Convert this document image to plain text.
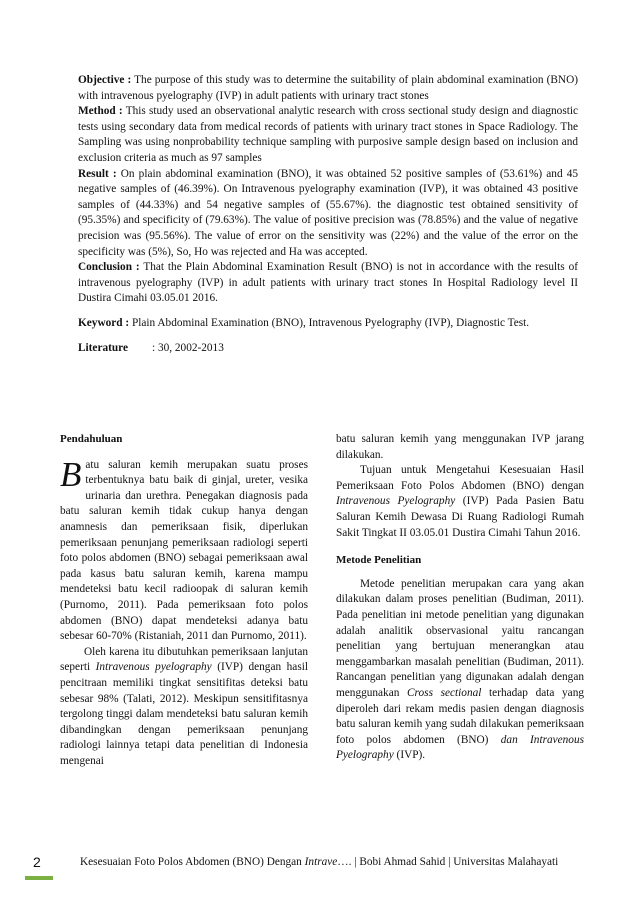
Objective : The purpose of this study was to determine the suitability of plain abdominal examination (BNO) with intravenous pyelography (IVP) in adult patients with urinary tract stones

Method : This study used an observational analytic research with cross sectional study design and diagnostic tests using secondary data from medical records of patients with urinary tract stones in Space Radiology. The Sampling was using nonprobability technique sampling with purposive sample design based on inclusion and exclusion criteria as much as 97 samples

Result : On plain abdominal examination (BNO), it was obtained 52 positive samples of (53.61%) and 45 negative samples of (46.39%). On Intravenous pyelography examination (IVP), it was obtained 43 positive samples of (44.33%) and 54 negative samples of (55.67%). the diagnostic test obtained sensitivity of (95.35%) and specificity of (79.63%). The value of positive precision was (78.85%) and the value of negative precision was (95.56%). The value of error on the sensitivity was (22%) and the value of the error on the specificity was (5%), So, Ho was rejected and Ha was accepted.

Conclusion : That the Plain Abdominal Examination Result (BNO) is not in accordance with the results of intravenous pyelography (IVP) in adult patients with urinary tract stones In Hospital Radiology level II Dustira Cimahi 03.05.01 2016.

Keyword : Plain Abdominal Examination (BNO), Intravenous Pyelography (IVP), Diagnostic Test.

Literature	: 30, 2002-2013

Pendahuluan

Batu saluran kemih merupakan suatu proses terbentuknya batu baik di ginjal, ureter, vesika urinaria dan urethra. Penegakan diagnosis pada batu saluran kemih tidak cukup hanya dengan anamnesis dan pemeriksaan fisik, diperlukan pemeriksaan penunjang pemeriksaan radiologi seperti foto polos abdomen (BNO) sebagai pemeriksaan awal pada kasus batu saluran kemih, karena mampu mendeteksi batu kecil radioopak di saluran kemih (Purnomo, 2011). Pada pemeriksaan foto polos abdomen (BNO) dapat mendeteksi adanya batu sebesar 60-70% (Ristaniah, 2011 dan Purnomo, 2011).

Oleh karena itu dibutuhkan pemeriksaan lanjutan seperti Intravenous pyelography (IVP) dengan hasil pencitraan memiliki tingkat sensitifitas deteksi batu sebesar 98% (Talati, 2012). Meskipun sensitifitasnya tergolong tinggi dalam mendeteksi batu saluran kemih dibandingkan dengan pemeriksaan penunjang radiologi lainnya tetapi data penelitian di Indonesia mengenai

batu saluran kemih yang menggunakan IVP jarang dilakukan.

Tujuan untuk Mengetahui Kesesuaian Hasil Pemeriksaan Foto Polos Abdomen (BNO) dengan Intravenous Pyelography (IVP) Pada Pasien Batu Saluran Kemih Dewasa Di Ruang Radiologi Rumah Sakit Tingkat II 03.05.01 Dustira Cimahi Tahun 2016.

Metode Penelitian

Metode penelitian merupakan cara yang akan dilakukan dalam proses penelitian (Budiman, 2011). Pada penelitian ini metode penelitian yang digunakan adalah analitik observasional yaitu rancangan penelitian yang bertujuan menerangkan atau menggambarkan masalah penelitian (Budiman, 2011). Rancangan penelitian yang digunakan adalah dengan menggunakan Cross sectional terhadap data yang diperoleh dari rekam medis pasien dengan diagnosis batu saluran kemih yang sudah dilakukan pemeriksaan foto polos abdomen (BNO) dan Intravenous Pyelography (IVP).

2	Kesesuaian Foto Polos Abdomen (BNO) Dengan Intrave…. | Bobi Ahmad Sahid | Universitas Malahayati
